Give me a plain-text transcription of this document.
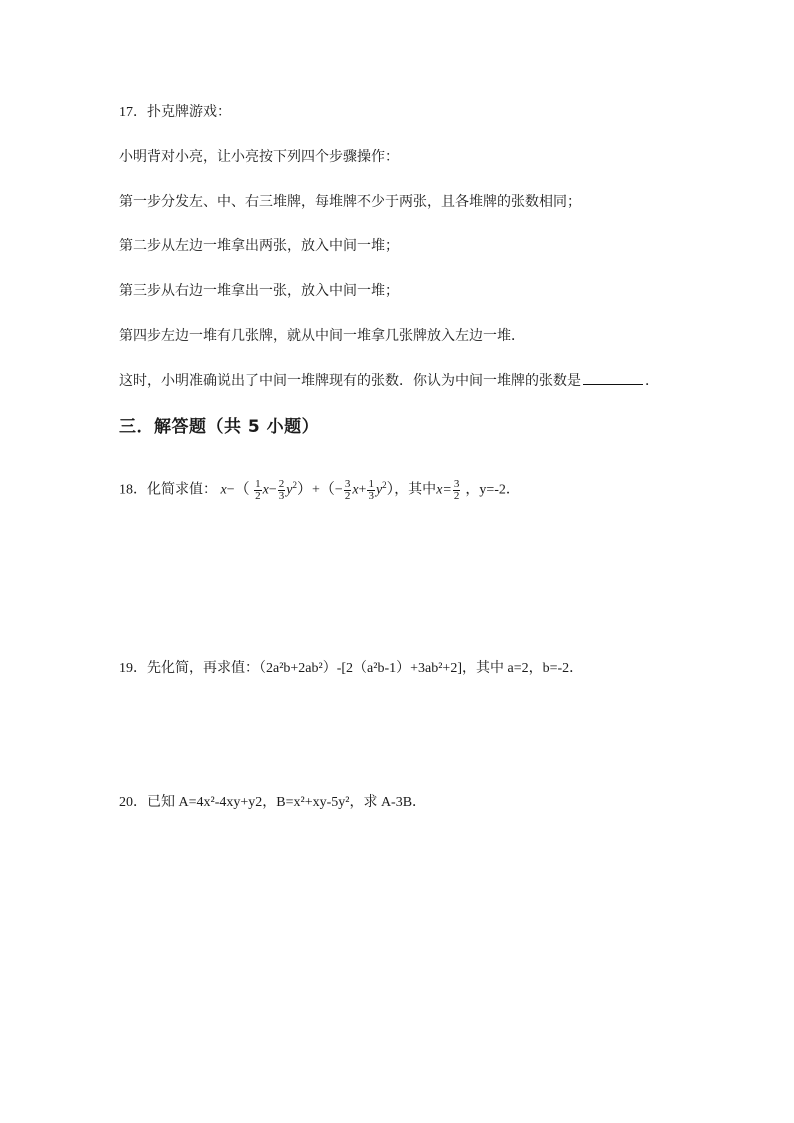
17．扑克牌游戏：
小明背对小亮，让小亮按下列四个步骤操作：
第一步分发左、中、右三堆牌，每堆牌不少于两张，且各堆牌的张数相同；
第二步从左边一堆拿出两张，放入中间一堆；
第三步从右边一堆拿出一张，放入中间一堆；
第四步左边一堆有几张牌，就从中间一堆拿几张牌放入左边一堆．
这时，小明准确说出了中间一堆牌现有的张数．你认为中间一堆牌的张数是	．
三．解答题（共 5 小题）
18．化简求值： $x-( \frac{1}{2} x- \frac{2}{3} y^2)+(- \frac{3}{2} x+ \frac{1}{3} y^2)$，其中$x= \frac{3}{2}$ ，y=-2．
19．先化简，再求值：（2a²b+2ab²）-[2（a²b-1）+3ab²+2]，其中 a=2，b=-2．
20．已知 A=4x²-4xy+y2，B=x²+xy-5y²，求 A-3B．
